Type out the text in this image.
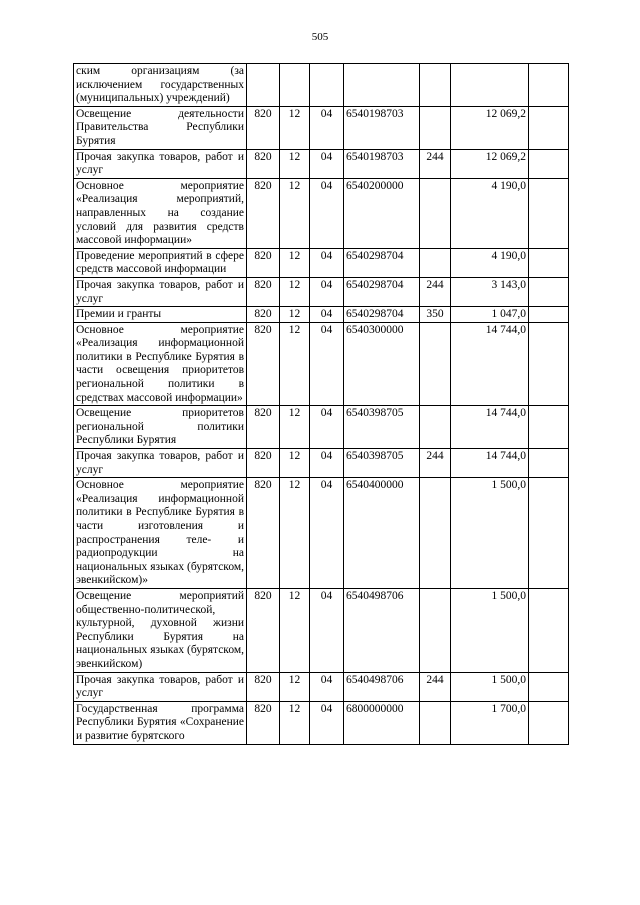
505
ским организациям (за исключением государственных (муниципальных) учреждений)							
Освещение деятельности Правительства Республики Бурятия	820	12	04	6540198703		12 069,2	
Прочая закупка товаров, работ и услуг	820	12	04	6540198703	244	12 069,2	
Основное мероприятие «Реализация мероприятий, направленных на создание условий для развития средств массовой информации»	820	12	04	6540200000		4 190,0	
Проведение мероприятий в сфере средств массовой информации	820	12	04	6540298704		4 190,0	
Прочая закупка товаров, работ и услуг	820	12	04	6540298704	244	3 143,0	
Премии и гранты	820	12	04	6540298704	350	1 047,0	
Основное мероприятие «Реализация информационной политики в Республике Бурятия в части освещения приоритетов региональной политики в средствах массовой информации»	820	12	04	6540300000		14 744,0	
Освещение приоритетов региональной политики Республики Бурятия	820	12	04	6540398705		14 744,0	
Прочая закупка товаров, работ и услуг	820	12	04	6540398705	244	14 744,0	
Основное мероприятие «Реализация информационной политики в Республике Бурятия в части изготовления и распространения теле- и радиопродукции на национальных языках (бурятском, эвенкийском)»	820	12	04	6540400000		1 500,0	
Освещение мероприятий общественно-политической, культурной, духовной жизни Республики Бурятия на национальных языках (бурятском, эвенкийском)	820	12	04	6540498706		1 500,0	
Прочая закупка товаров, работ и услуг	820	12	04	6540498706	244	1 500,0	
Государственная программа Республики Бурятия «Сохранение и развитие бурятского	820	12	04	6800000000		1 700,0	
